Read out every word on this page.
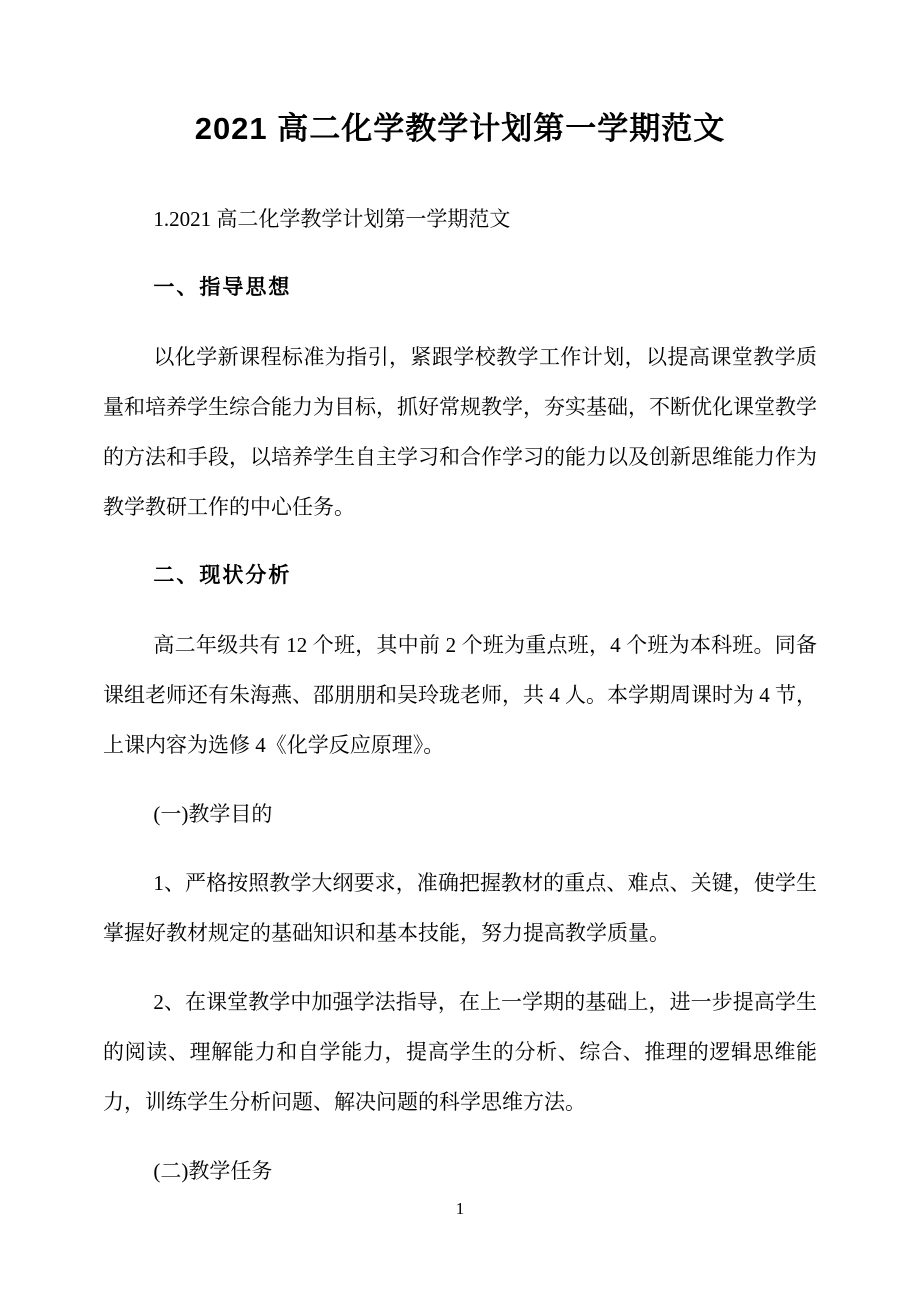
2021 高二化学教学计划第一学期范文

1.2021 高二化学教学计划第一学期范文

一、指导思想

以化学新课程标准为指引，紧跟学校教学工作计划，以提高课堂教学质量和培养学生综合能力为目标，抓好常规教学，夯实基础，不断优化课堂教学的方法和手段，以培养学生自主学习和合作学习的能力以及创新思维能力作为教学教研工作的中心任务。

二、现状分析

高二年级共有 12 个班，其中前 2 个班为重点班，4 个班为本科班。同备课组老师还有朱海燕、邵朋朋和吴玲珑老师，共 4 人。本学期周课时为 4 节，上课内容为选修 4《化学反应原理》。

(一)教学目的

1、严格按照教学大纲要求，准确把握教材的重点、难点、关键，使学生掌握好教材规定的基础知识和基本技能，努力提高教学质量。

2、在课堂教学中加强学法指导，在上一学期的基础上，进一步提高学生的阅读、理解能力和自学能力，提高学生的分析、综合、推理的逻辑思维能力，训练学生分析问题、解决问题的科学思维方法。

(二)教学任务

1
